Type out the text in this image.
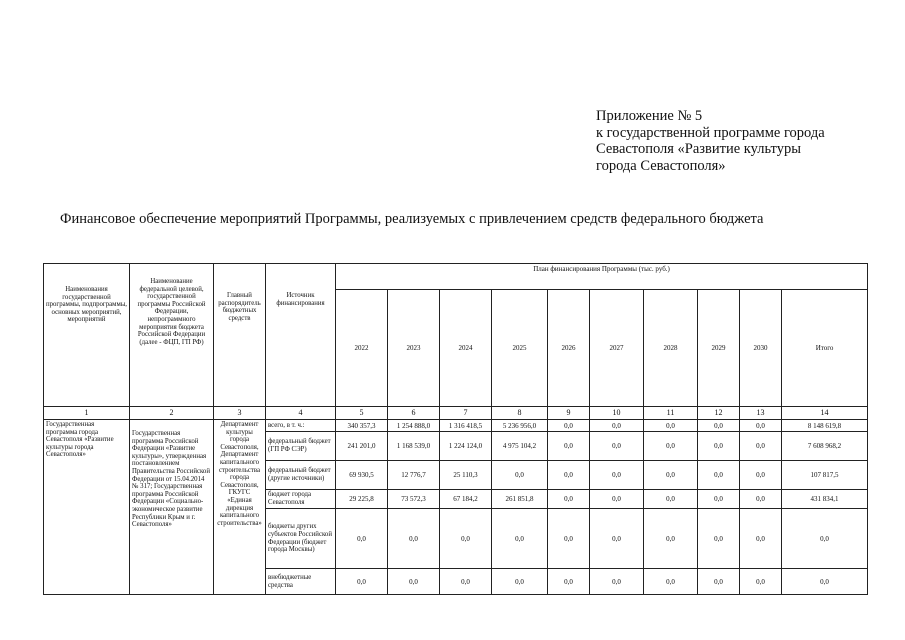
Приложение № 5
к государственной программе города
Севастополя «Развитие культуры
города Севастополя»
Финансовое обеспечение мероприятий Программы, реализуемых с привлечением средств федерального бюджета
Наименования государственной программы, подпрограммы, основных мероприятий, мероприятий	Наименование федеральной целевой, государственной программы Российской Федерации, непрограммного мероприятия бюджета Российской Федерации (далее - ФЦП, ГП РФ)	Главный распорядитель бюджетных средств	Источник финансирования	План финансирования Программы (тыс. руб.)									
				2022	2023	2024	2025	2026	2027	2028	2029	2030	Итого
1	2	3	4	5	6	7	8	9	10	11	12	13	14
Государственная программа города Севастополя «Развитие культуры города Севастополя»	Государственная программа Российской Федерации «Развитие культуры», утвержденная постановлением Правительства Российской Федерации от 15.04.2014 № 317; Государственная программа Российской Федерации «Социально-экономическое развитие Республики Крым и г. Севастополя»	Департамент культуры города Севастополя, Департамент капитального строительства города Севастополя, ГКУГС «Единая дирекция капитального строительства»	всего, в т. ч.:	340 357,3	1 254 888,0	1 316 418,5	5 236 956,0	0,0	0,0	0,0	0,0	0,0	8 148 619,8
			федеральный бюджет (ГП РФ СЭР)	241 201,0	1 168 539,0	1 224 124,0	4 975 104,2	0,0	0,0	0,0	0,0	0,0	7 608 968,2
			федеральный бюджет (другие источники)	69 930,5	12 776,7	25 110,3	0,0	0,0	0,0	0,0	0,0	0,0	107 817,5
			бюджет города Севастополя	29 225,8	73 572,3	67 184,2	261 851,8	0,0	0,0	0,0	0,0	0,0	431 834,1
			бюджеты других субъектов Российской Федерации (бюджет города Москвы)	0,0	0,0	0,0	0,0	0,0	0,0	0,0	0,0	0,0	0,0
			внебюджетные средства	0,0	0,0	0,0	0,0	0,0	0,0	0,0	0,0	0,0	0,0
